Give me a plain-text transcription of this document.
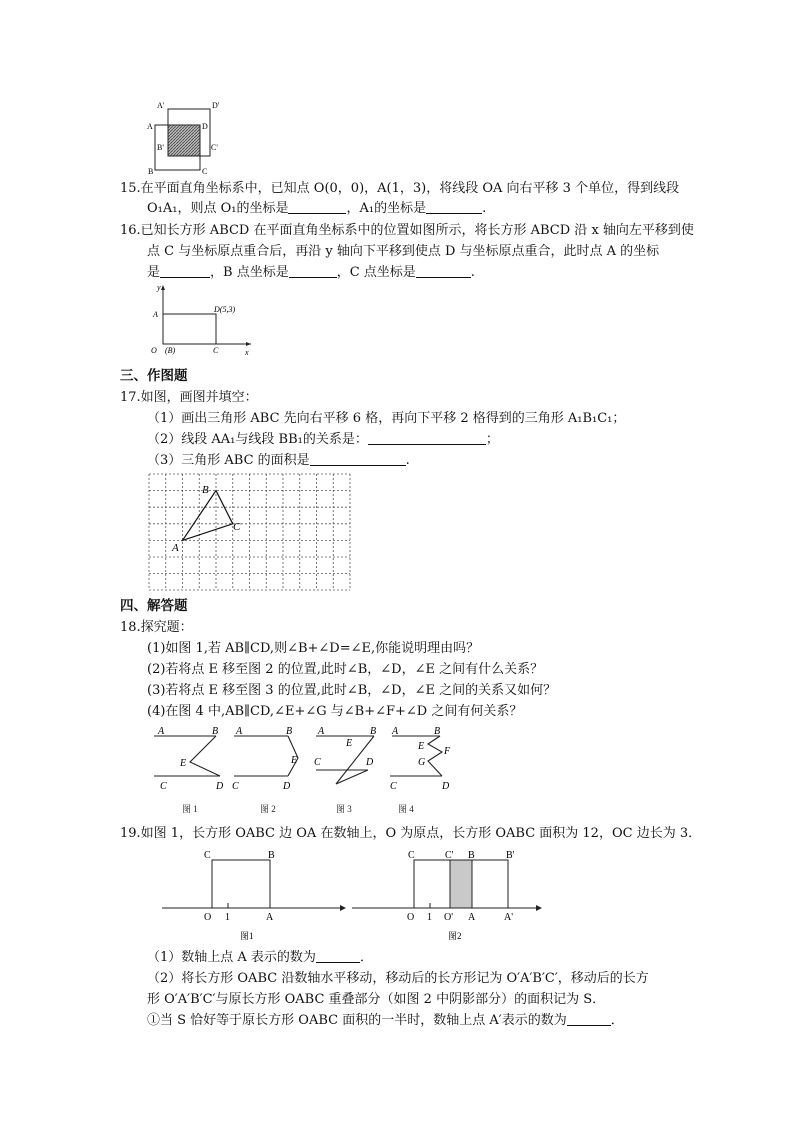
A'	D'
A	D
B'	C'
B	C
15.在平面直角坐标系中，已知点 O(0，0)，A(1，3)，将线段 OA 向右平移 3 个单位，得到线段
O₁A₁，则点 O₁的坐标是	，A₁的坐标是	.
16.已知长方形 ABCD 在平面直角坐标系中的位置如图所示，将长方形 ABCD 沿 x 轴向左平移到使
点 C 与坐标原点重合后，再沿 y 轴向下平移到使点 D 与坐标原点重合，此时点 A 的坐标
是	，B 点坐标是	，C 点坐标是	.
y
x
A
D(5,3)
O (B)	C
三、作图题
17.如图，画图并填空：
（1）画出三角形 ABC 先向右平移 6 格，再向下平移 2 格得到的三角形 A₁B₁C₁；
（2）线段 AA₁与线段 BB₁的关系是：	；
（3）三角形 ABC 的面积是	.
A
B
C
四、解答题
18.探究题：
(1)如图 1,若 AB∥CD,则∠B+∠D=∠E,你能说明理由吗？
(2)若将点 E 移至图 2 的位置,此时∠B，∠D，∠E 之间有什么关系？
(3)若将点 E 移至图 3 的位置,此时∠B，∠D，∠E 之间的关系又如何？
(4)在图 4 中,AB∥CD,∠E+∠G 与∠B+∠F+∠D 之间有何关系？
A	B
E
C	D
A	B
E
C	D
A	B
E
C	D
A	B
E F
G
C	D
图 1	图 2	图 3	图 4
19.如图 1，长方形 OABC 边 OA 在数轴上，O 为原点，长方形 OABC 面积为 12，OC 边长为 3．
C	B
O 1	A
图1
C	C' B	B'
O 1 O' A	A'
图2
（1）数轴上点 A 表示的数为	．
（2）将长方形 OABC 沿数轴水平移动，移动后的长方形记为 O′A′B′C′，移动后的长方
形 O′A′B′C′与原长方形 OABC 重叠部分（如图 2 中阴影部分）的面积记为 S．
①当 S 恰好等于原长方形 OABC 面积的一半时，数轴上点 A′表示的数为	．
